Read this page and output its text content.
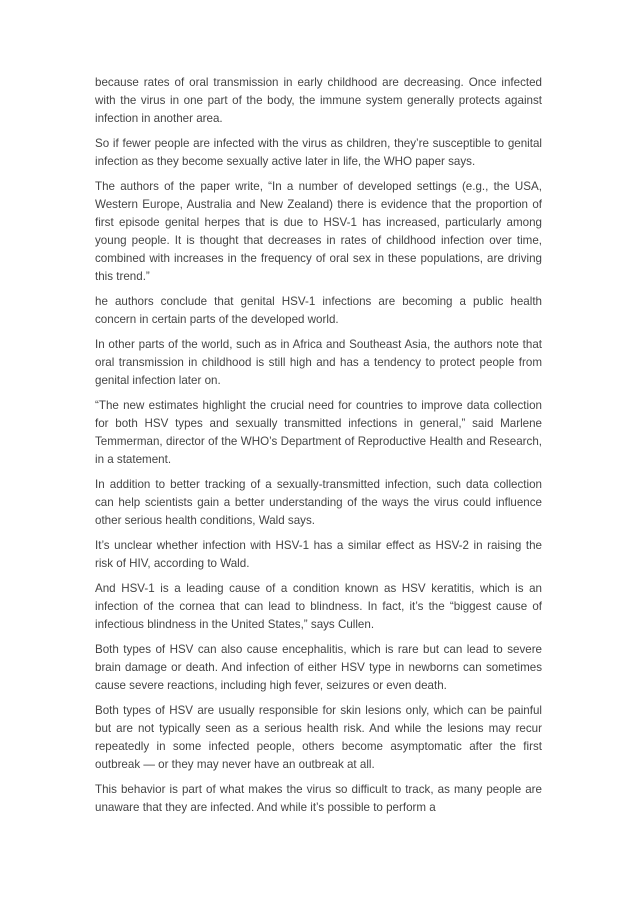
because rates of oral transmission in early childhood are decreasing. Once infected with the virus in one part of the body, the immune system generally protects against infection in another area.

So if fewer people are infected with the virus as children, they’re susceptible to genital infection as they become sexually active later in life, the WHO paper says.

The authors of the paper write, “In a number of developed settings (e.g., the USA, Western Europe, Australia and New Zealand) there is evidence that the proportion of first episode genital herpes that is due to HSV-1 has increased, particularly among young people. It is thought that decreases in rates of childhood infection over time, combined with increases in the frequency of oral sex in these populations, are driving this trend.”

he authors conclude that genital HSV-1 infections are becoming a public health concern in certain parts of the developed world.

In other parts of the world, such as in Africa and Southeast Asia, the authors note that oral transmission in childhood is still high and has a tendency to protect people from genital infection later on.

“The new estimates highlight the crucial need for countries to improve data collection for both HSV types and sexually transmitted infections in general,” said Marlene Temmerman, director of the WHO’s Department of Reproductive Health and Research, in a statement.

In addition to better tracking of a sexually-transmitted infection, such data collection can help scientists gain a better understanding of the ways the virus could influence other serious health conditions, Wald says.

It’s unclear whether infection with HSV-1 has a similar effect as HSV-2 in raising the risk of HIV, according to Wald.

And HSV-1 is a leading cause of a condition known as HSV keratitis, which is an infection of the cornea that can lead to blindness. In fact, it’s the “biggest cause of infectious blindness in the United States,” says Cullen.

Both types of HSV can also cause encephalitis, which is rare but can lead to severe brain damage or death. And infection of either HSV type in newborns can sometimes cause severe reactions, including high fever, seizures or even death.

Both types of HSV are usually responsible for skin lesions only, which can be painful but are not typically seen as a serious health risk. And while the lesions may recur repeatedly in some infected people, others become asymptomatic after the first outbreak — or they may never have an outbreak at all.

This behavior is part of what makes the virus so difficult to track, as many people are unaware that they are infected. And while it’s possible to perform a
